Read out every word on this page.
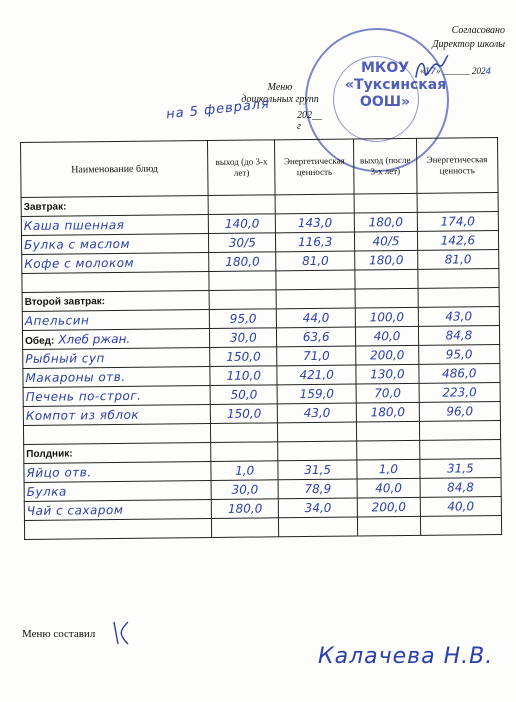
Согласовано
Директор школы
«17» ______ 2024
МКОУ «Туксинская ООШ»
Меню
дошкольных групп
на 5 февраля	202__ г
Наименование блюд	выход (до 3-х лет)	Энергетическая ценность	выход (после 3-х лет)	Энергетическая ценность
Завтрак:				
Каша пшенная	140,0	143,0	180,0	174,0
Булка с маслом	30/5	116,3	40/5	142,6
Кофе с молоком	180,0	81,0	180,0	81,0

Второй завтрак:				
Апельсин	95,0	44,0	100,0	43,0
Обед: Хлеб ржан.	30,0	63,6	40,0	84,8
Рыбный суп	150,0	71,0	200,0	95,0
Макароны отв.	110,0	421,0	130,0	486,0
Печень по-строг.	50,0	159,0	70,0	223,0
Компот из яблок	150,0	43,0	180,0	96,0

Полдник:				
Яйцо отв.	1,0	31,5	1,0	31,5
Булка	30,0	78,9	40,0	84,8
Чай с сахаром	180,0	34,0	200,0	40,0

Меню составил
Калачева Н.В.
